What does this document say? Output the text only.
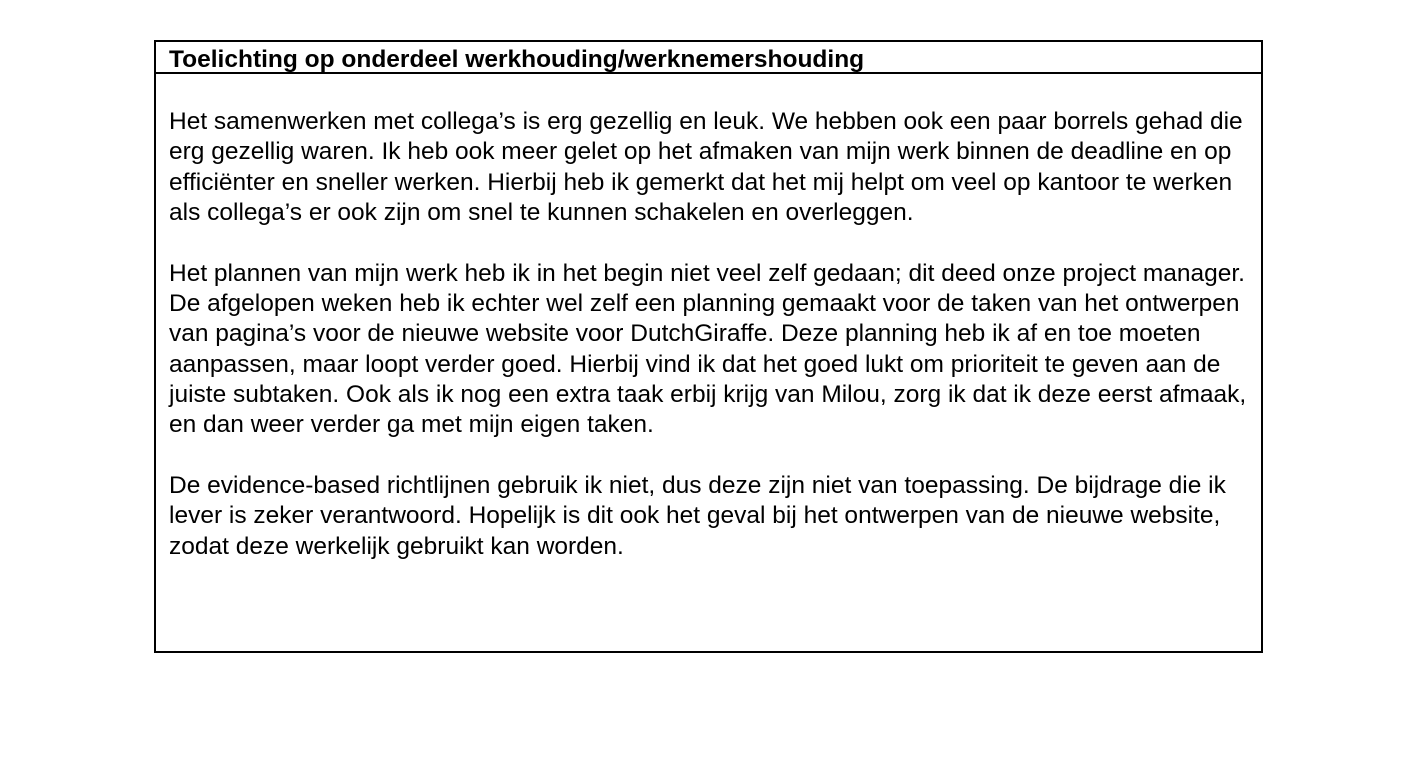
Toelichting op onderdeel werkhouding/werknemershouding

Het samenwerken met collega’s is erg gezellig en leuk. We hebben ook een paar borrels gehad die erg gezellig waren. Ik heb ook meer gelet op het afmaken van mijn werk binnen de deadline en op efficiënter en sneller werken. Hierbij heb ik gemerkt dat het mij helpt om veel op kantoor te werken als collega’s er ook zijn om snel te kunnen schakelen en overleggen.

Het plannen van mijn werk heb ik in het begin niet veel zelf gedaan; dit deed onze project manager. De afgelopen weken heb ik echter wel zelf een planning gemaakt voor de taken van het ontwerpen van pagina’s voor de nieuwe website voor DutchGiraffe. Deze planning heb ik af en toe moeten aanpassen, maar loopt verder goed. Hierbij vind ik dat het goed lukt om prioriteit te geven aan de juiste subtaken. Ook als ik nog een extra taak erbij krijg van Milou, zorg ik dat ik deze eerst afmaak, en dan weer verder ga met mijn eigen taken.

De evidence-based richtlijnen gebruik ik niet, dus deze zijn niet van toepassing. De bijdrage die ik lever is zeker verantwoord. Hopelijk is dit ook het geval bij het ontwerpen van de nieuwe website, zodat deze werkelijk gebruikt kan worden.
